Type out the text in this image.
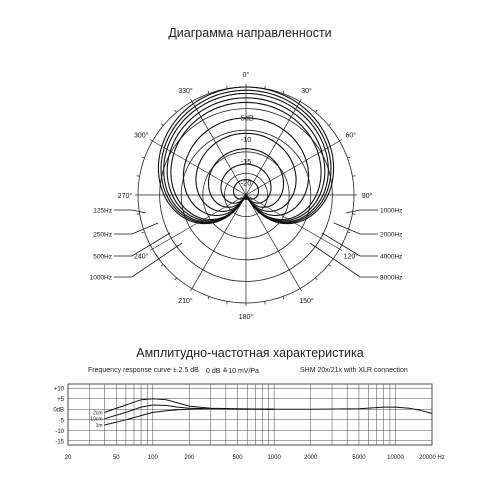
Диаграмма направленности
Амплитудно-частотная характеристика
Frequency response curve ± 2.5 dB 0 dB ≙10 mV/Pa	SHM 20x/21x with XLR connection
0°
30°
60°
90°
120°
150°
180°
210°
240°
270°
300°
330°
-5dB
-10
-15
-20
125Hz
250Hz
500Hz
1000Hz
1000Hz
2000Hz
4000Hz
8000Hz
+10
+5
0dB
-5
-10
-15
20	50	100	200	500	1000	2000	5000	10000	20000 Hz
2cm
10cm
1m
